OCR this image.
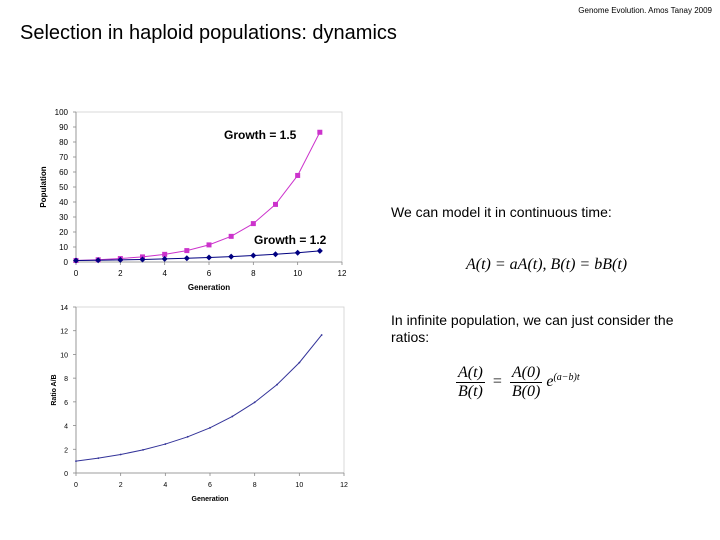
Genome Evolution. Amos Tanay 2009
Selection in haploid populations: dynamics
0
10
20
30
40
50
60
70
80
90
100
0	2	4	6	8	10	12
Generation
Population
Growth = 1.5
Growth = 1.2
0
2
4
6
8
10
12
14
0	2	4	6	8	10	12
Generation
Ratio A/B
We can model it in continuous time:
A(t) = aA(t), B(t) = bB(t)
In infinite population, we can just consider the ratios:
$\frac{A(t)}{B(t)} = \frac{A(0)}{B(0)} e^{(a-b)t}$
